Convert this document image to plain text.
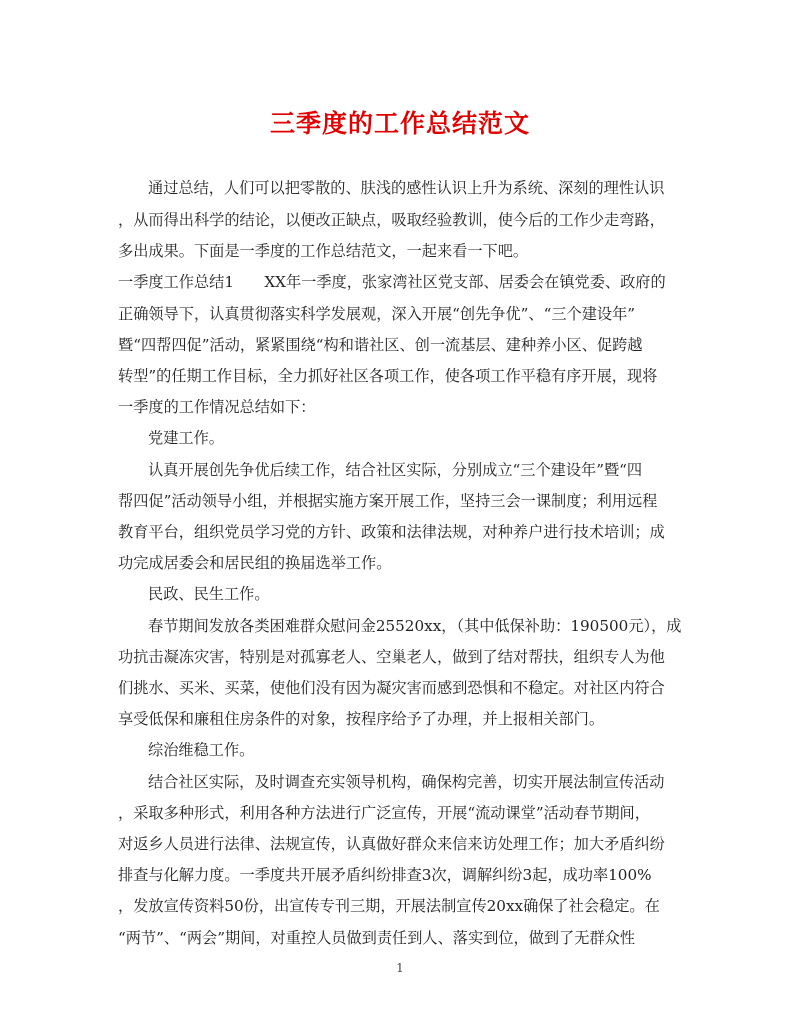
三季度的工作总结范文
通过总结，人们可以把零散的、肤浅的感性认识上升为系统、深刻的理性认识
，从而得出科学的结论，以便改正缺点，吸取经验教训，使今后的工作少走弯路，
多出成果。下面是一季度的工作总结范文，一起来看一下吧。
一季度工作总结1　　XX年一季度，张家湾社区党支部、居委会在镇党委、政府的
正确领导下，认真贯彻落实科学发展观，深入开展“创先争优”、“三个建设年”
暨“四帮四促”活动，紧紧围绕“构和谐社区、创一流基层、建种养小区、促跨越
转型”的任期工作目标，全力抓好社区各项工作，使各项工作平稳有序开展，现将
一季度的工作情况总结如下：
党建工作。
认真开展创先争优后续工作，结合社区实际，分别成立“三个建设年”暨“四
帮四促”活动领导小组，并根据实施方案开展工作，坚持三会一课制度；利用远程
教育平台，组织党员学习党的方针、政策和法律法规，对种养户进行技术培训；成
功完成居委会和居民组的换届选举工作。
民政、民生工作。
春节期间发放各类困难群众慰问金25520xx，（其中低保补助：190500元），成
功抗击凝冻灾害，特别是对孤寡老人、空巢老人，做到了结对帮扶，组织专人为他
们挑水、买米、买菜，使他们没有因为凝灾害而感到恐惧和不稳定。对社区内符合
享受低保和廉租住房条件的对象，按程序给予了办理，并上报相关部门。
综治维稳工作。
结合社区实际，及时调查充实领导机构，确保构完善，切实开展法制宣传活动
，采取多种形式，利用各种方法进行广泛宣传，开展“流动课堂”活动春节期间，
对返乡人员进行法律、法规宣传，认真做好群众来信来访处理工作；加大矛盾纠纷
排查与化解力度。一季度共开展矛盾纠纷排查3次，调解纠纷3起，成功率100%
，发放宣传资料50份，出宣传专刊三期，开展法制宣传20xx确保了社会稳定。在
“两节”、“两会”期间，对重控人员做到责任到人、落实到位，做到了无群众性
1
